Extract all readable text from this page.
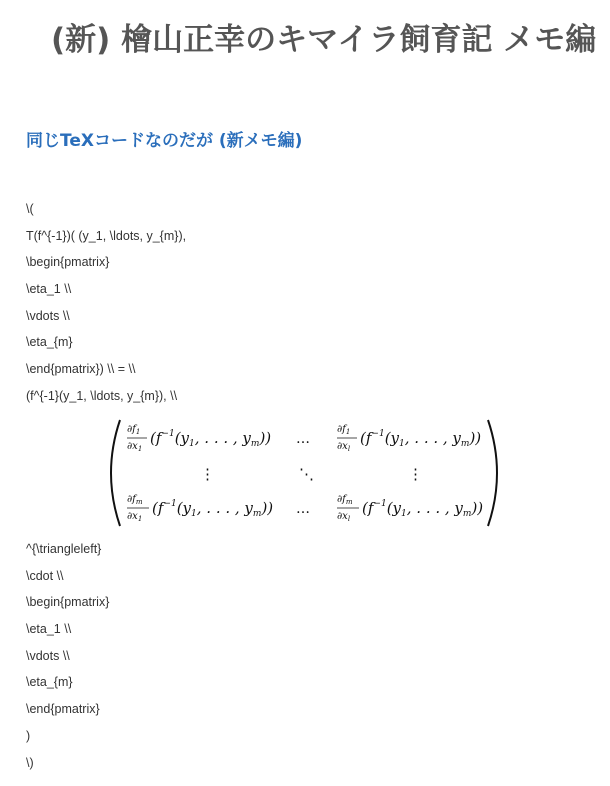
(新) 檜山正幸のキマイラ飼育記 メモ編
同じTeXコードなのだが (新メモ編)
\(
T(f^{-1})( (y_1, \ldots, y_{m}),
\begin{pmatrix}
\eta_1 \\
\vdots \\
\eta_{m}
\end{pmatrix}) \\ = \\
(f^{-1}(y_1, \ldots, y_{m}), \\
$\partial f_1$
$\partial x_1$
($f^{-1}(y_1$, . . . , $y_m$)) …
$\partial f_1$
$\partial x_l$
($f^{-1}(y_1$, . . . , $y_m$))
⋮	⋱	⋮
$\partial f_m$
$\partial x_1$
($f^{-1}(y_1$, . . . , $y_m$)) …
$\partial f_m$
$\partial x_l$
($f^{-1}(y_1$, . . . , $y_m$))
^{\triangleleft}
\cdot \\
\begin{pmatrix}
\eta_1 \\
\vdots \\
\eta_{m}
\end{pmatrix}
)
\)
